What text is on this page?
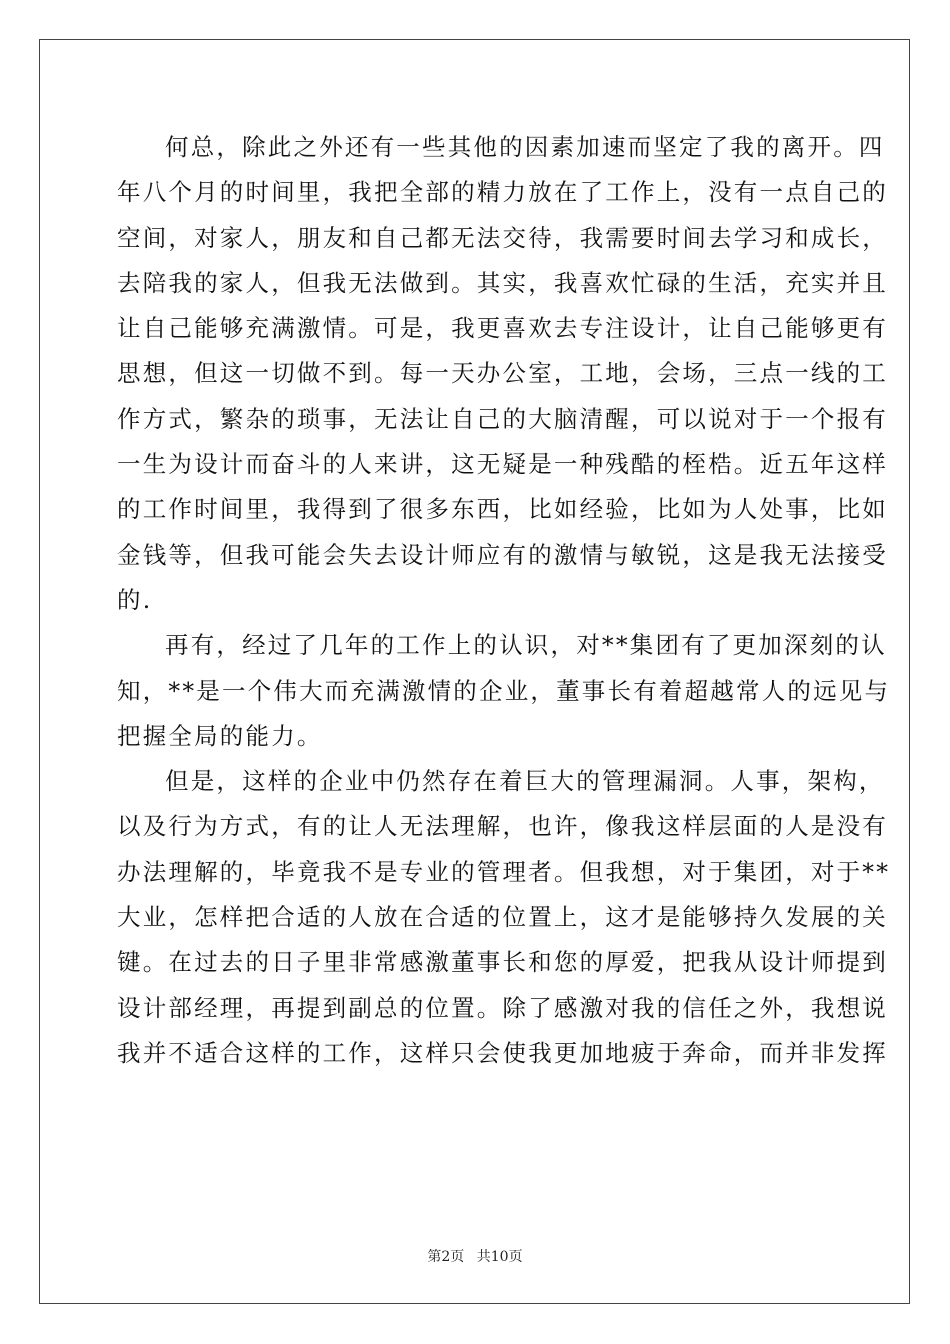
何总，除此之外还有一些其他的因素加速而坚定了我的离开。四
年八个月的时间里，我把全部的精力放在了工作上，没有一点自己的
空间，对家人，朋友和自己都无法交待，我需要时间去学习和成长，
去陪我的家人，但我无法做到。其实，我喜欢忙碌的生活，充实并且
让自己能够充满激情。可是，我更喜欢去专注设计，让自己能够更有
思想，但这一切做不到。每一天办公室，工地，会场，三点一线的工
作方式，繁杂的琐事，无法让自己的大脑清醒，可以说对于一个报有
一生为设计而奋斗的人来讲，这无疑是一种残酷的桎梏。近五年这样
的工作时间里，我得到了很多东西，比如经验，比如为人处事，比如
金钱等，但我可能会失去设计师应有的激情与敏锐，这是我无法接受
的.
再有，经过了几年的工作上的认识，对**集团有了更加深刻的认
知，**是一个伟大而充满激情的企业，董事长有着超越常人的远见与
把握全局的能力。
但是，这样的企业中仍然存在着巨大的管理漏洞。人事，架构，
以及行为方式，有的让人无法理解，也许，像我这样层面的人是没有
办法理解的，毕竟我不是专业的管理者。但我想，对于集团，对于**
大业，怎样把合适的人放在合适的位置上，这才是能够持久发展的关
键。在过去的日子里非常感激董事长和您的厚爱，把我从设计师提到
设计部经理，再提到副总的位置。除了感激对我的信任之外，我想说
我并不适合这样的工作，这样只会使我更加地疲于奔命，而并非发挥
第2页 共10页
